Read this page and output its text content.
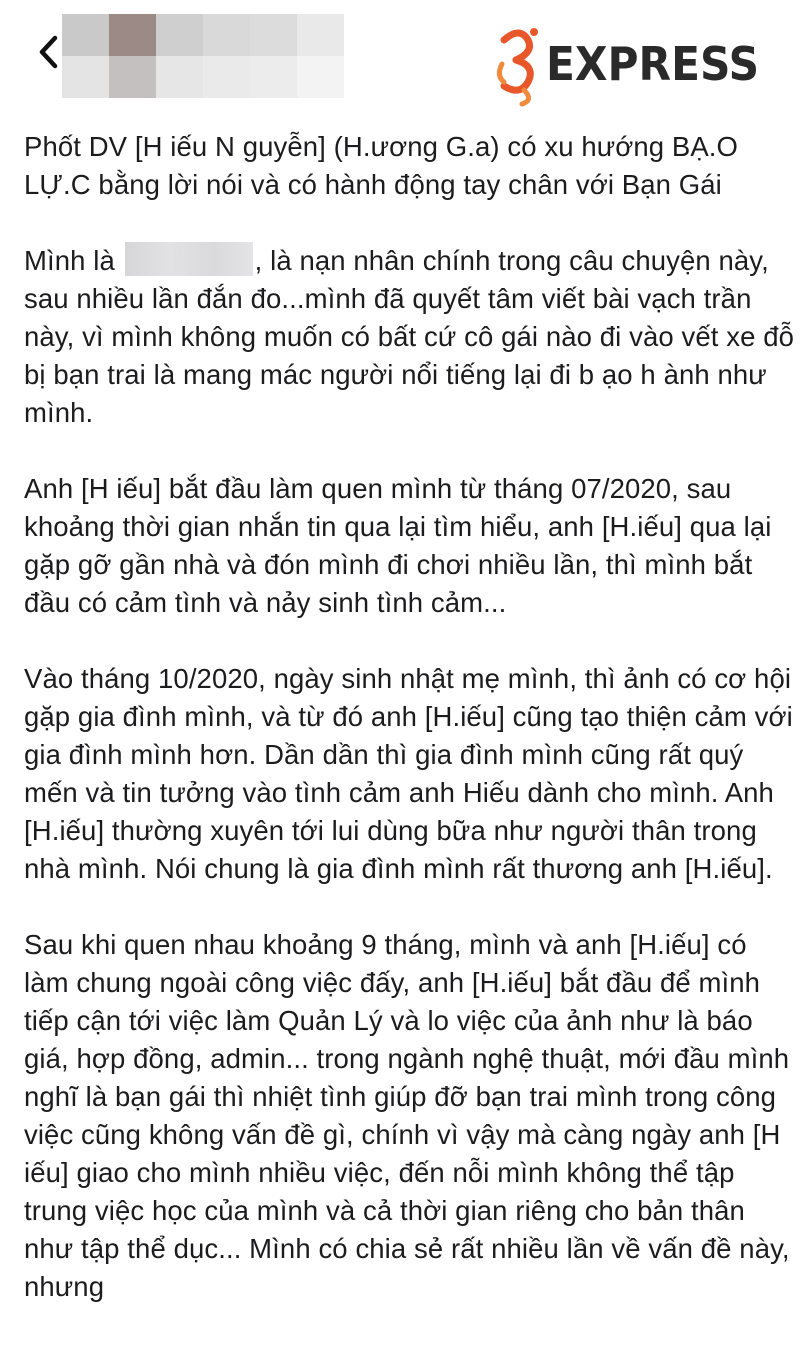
EXPRESS

Phốt DV [H iếu N guyễn] (H.ương G.a) có xu hướng BẠ.O LỰ.C bằng lời nói và có hành động tay chân với Bạn Gái

Mình là	, là nạn nhân chính trong câu chuyện này, sau nhiều lần đắn đo...mình đã quyết tâm viết bài vạch trần này, vì mình không muốn có bất cứ cô gái nào đi vào vết xe đỗ bị bạn trai là mang mác người nổi tiếng lại đi b ạo h ành như mình.

Anh [H iếu] bắt đầu làm quen mình từ tháng 07/2020, sau khoảng thời gian nhắn tin qua lại tìm hiểu, anh [H.iếu] qua lại gặp gỡ gần nhà và đón mình đi chơi nhiều lần, thì mình bắt đầu có cảm tình và nảy sinh tình cảm...

Vào tháng 10/2020, ngày sinh nhật mẹ mình, thì ảnh có cơ hội gặp gia đình mình, và từ đó anh [H.iếu] cũng tạo thiện cảm với gia đình mình hơn. Dần dần thì gia đình mình cũng rất quý mến và tin tưởng vào tình cảm anh Hiếu dành cho mình. Anh [H.iếu] thường xuyên tới lui dùng bữa như người thân trong nhà mình. Nói chung là gia đình mình rất thương anh [H.iếu].

Sau khi quen nhau khoảng 9 tháng, mình và anh [H.iếu] có làm chung ngoài công việc đấy, anh [H.iếu] bắt đầu để mình tiếp cận tới việc làm Quản Lý và lo việc của ảnh như là báo giá, hợp đồng, admin... trong ngành nghệ thuật, mới đầu mình nghĩ là bạn gái thì nhiệt tình giúp đỡ bạn trai mình trong công việc cũng không vấn đề gì, chính vì vậy mà càng ngày anh [H iếu] giao cho mình nhiều việc, đến nỗi mình không thể tập trung việc học của mình và cả thời gian riêng cho bản thân như tập thể dục... Mình có chia sẻ rất nhiều lần về vấn đề này, nhưng
